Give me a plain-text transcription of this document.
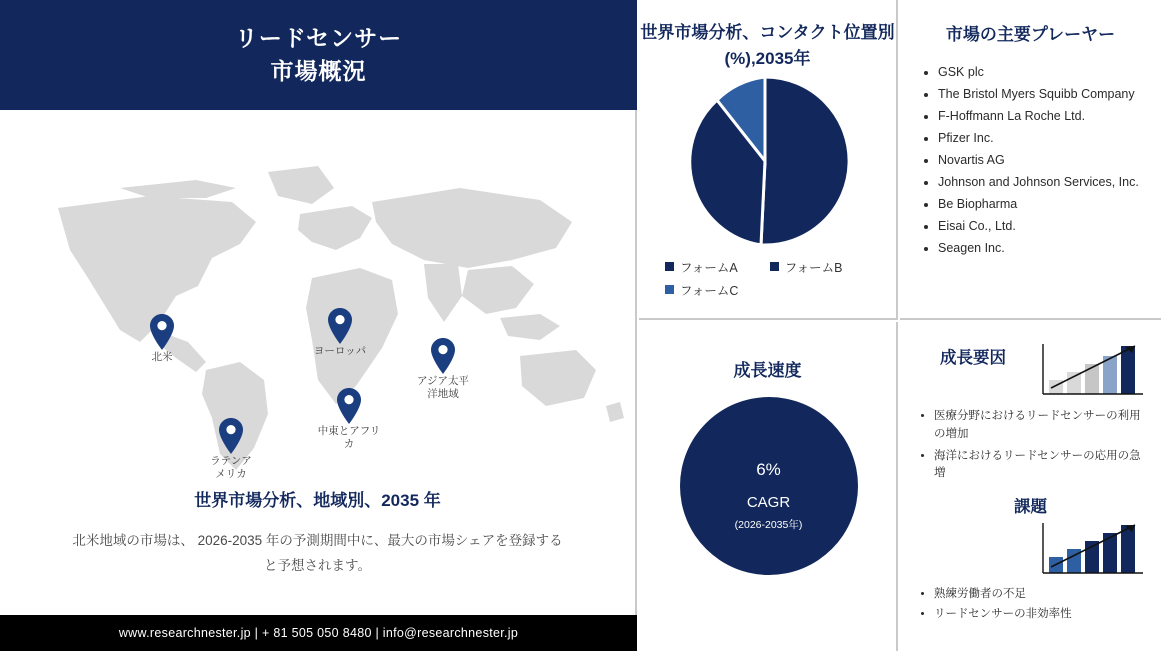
リードセンサー
市場概況
北米	ヨーロッパ
アジア太平洋地域
中東とアフリカ
ラテンアメリカ
世界市場分析、地域別、2035 年
北米地域の市場は、 2026-2035 年の予測期間中に、最大の市場シェアを登録すると予想されます。
www.researchnester.jp | + 81 505 050 8480 | info@researchnester.jp
世界市場分析、コンタクト位置別(%),2035年
フォームA	フォームB
フォームC
市場の主要プレーヤー
• GSK plc
• The Bristol Myers Squibb Company
• F-Hoffmann La Roche Ltd.
• Pfizer Inc.
• Novartis AG
• Johnson and Johnson Services, Inc.
• Be Biopharma
• Eisai Co., Ltd.
• Seagen Inc.
成長速度
6%
CAGR
(2026-2035年)
成長要因
• 医療分野におけるリードセンサーの利用の増加
• 海洋におけるリードセンサーの応用の急増
課題
• 熟練労働者の不足
• リードセンサーの非効率性
